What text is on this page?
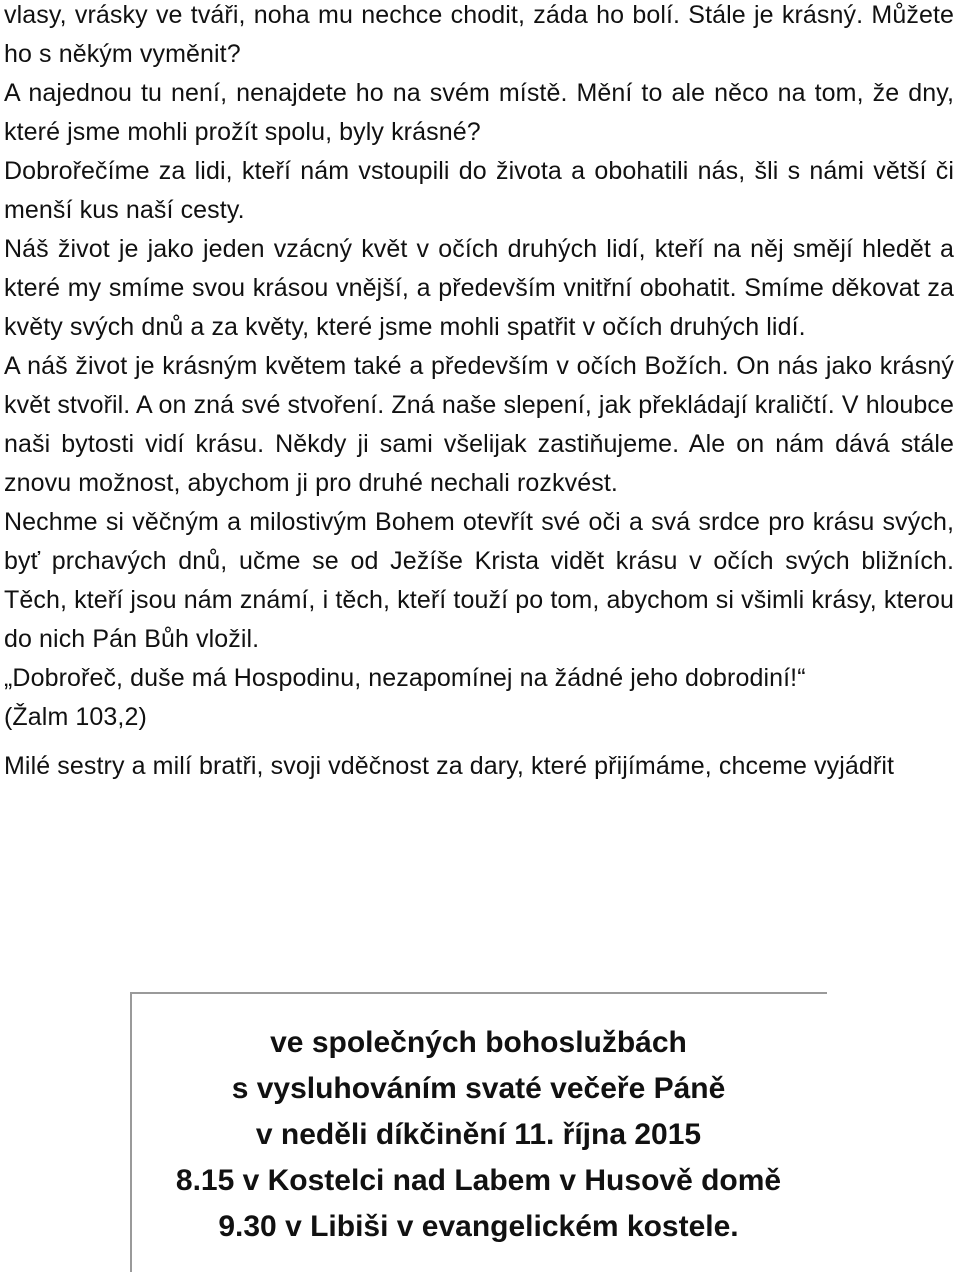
vlasy, vrásky ve tváři, noha mu nechce chodit, záda ho bolí. Stále je krásný. Můžete ho s někým vyměnit?

A najednou tu není, nenajdete ho na svém místě. Mění to ale něco na tom, že dny, které jsme mohli prožít spolu, byly krásné?

Dobrořečíme za lidi, kteří nám vstoupili do života a obohatili nás, šli s námi větší či menší kus naší cesty.

Náš život je jako jeden vzácný květ v očích druhých lidí, kteří na něj smějí hledět a které my smíme svou krásou vnější, a především vnitřní obohatit. Smíme děkovat za květy svých dnů a za květy, které jsme mohli spatřit v očích druhých lidí.

A náš život je krásným květem také a především v očích Božích. On nás jako krásný květ stvořil. A on zná své stvoření. Zná naše slepení, jak překládají kraličtí. V hloubce naši bytosti vidí krásu. Někdy ji sami všelijak zastiňujeme. Ale on nám dává stále znovu možnost, abychom ji pro druhé nechali rozkvést.

Nechme si věčným a milostivým Bohem otevřít své oči a svá srdce pro krásu svých, byť prchavých dnů, učme se od Ježíše Krista vidět krásu v očích svých bližních. Těch, kteří jsou nám známí, i těch, kteří touží po tom, abychom si všimli krásy, kterou do nich Pán Bůh vložil.

„Dobrořeč, duše má Hospodinu, nezapomínej na žádné jeho dobrodiní!“

(Žalm 103,2)

Milé sestry a milí bratři, svoji vděčnost za dary, které přijímáme, chceme vyjádřit

ve společných bohoslužbách

s vysluhováním svaté večeře Páně

v neděli díkčinění 11. října 2015

8.15 v Kostelci nad Labem v Husově domě

9.30 v Libiši v evangelickém kostele.
